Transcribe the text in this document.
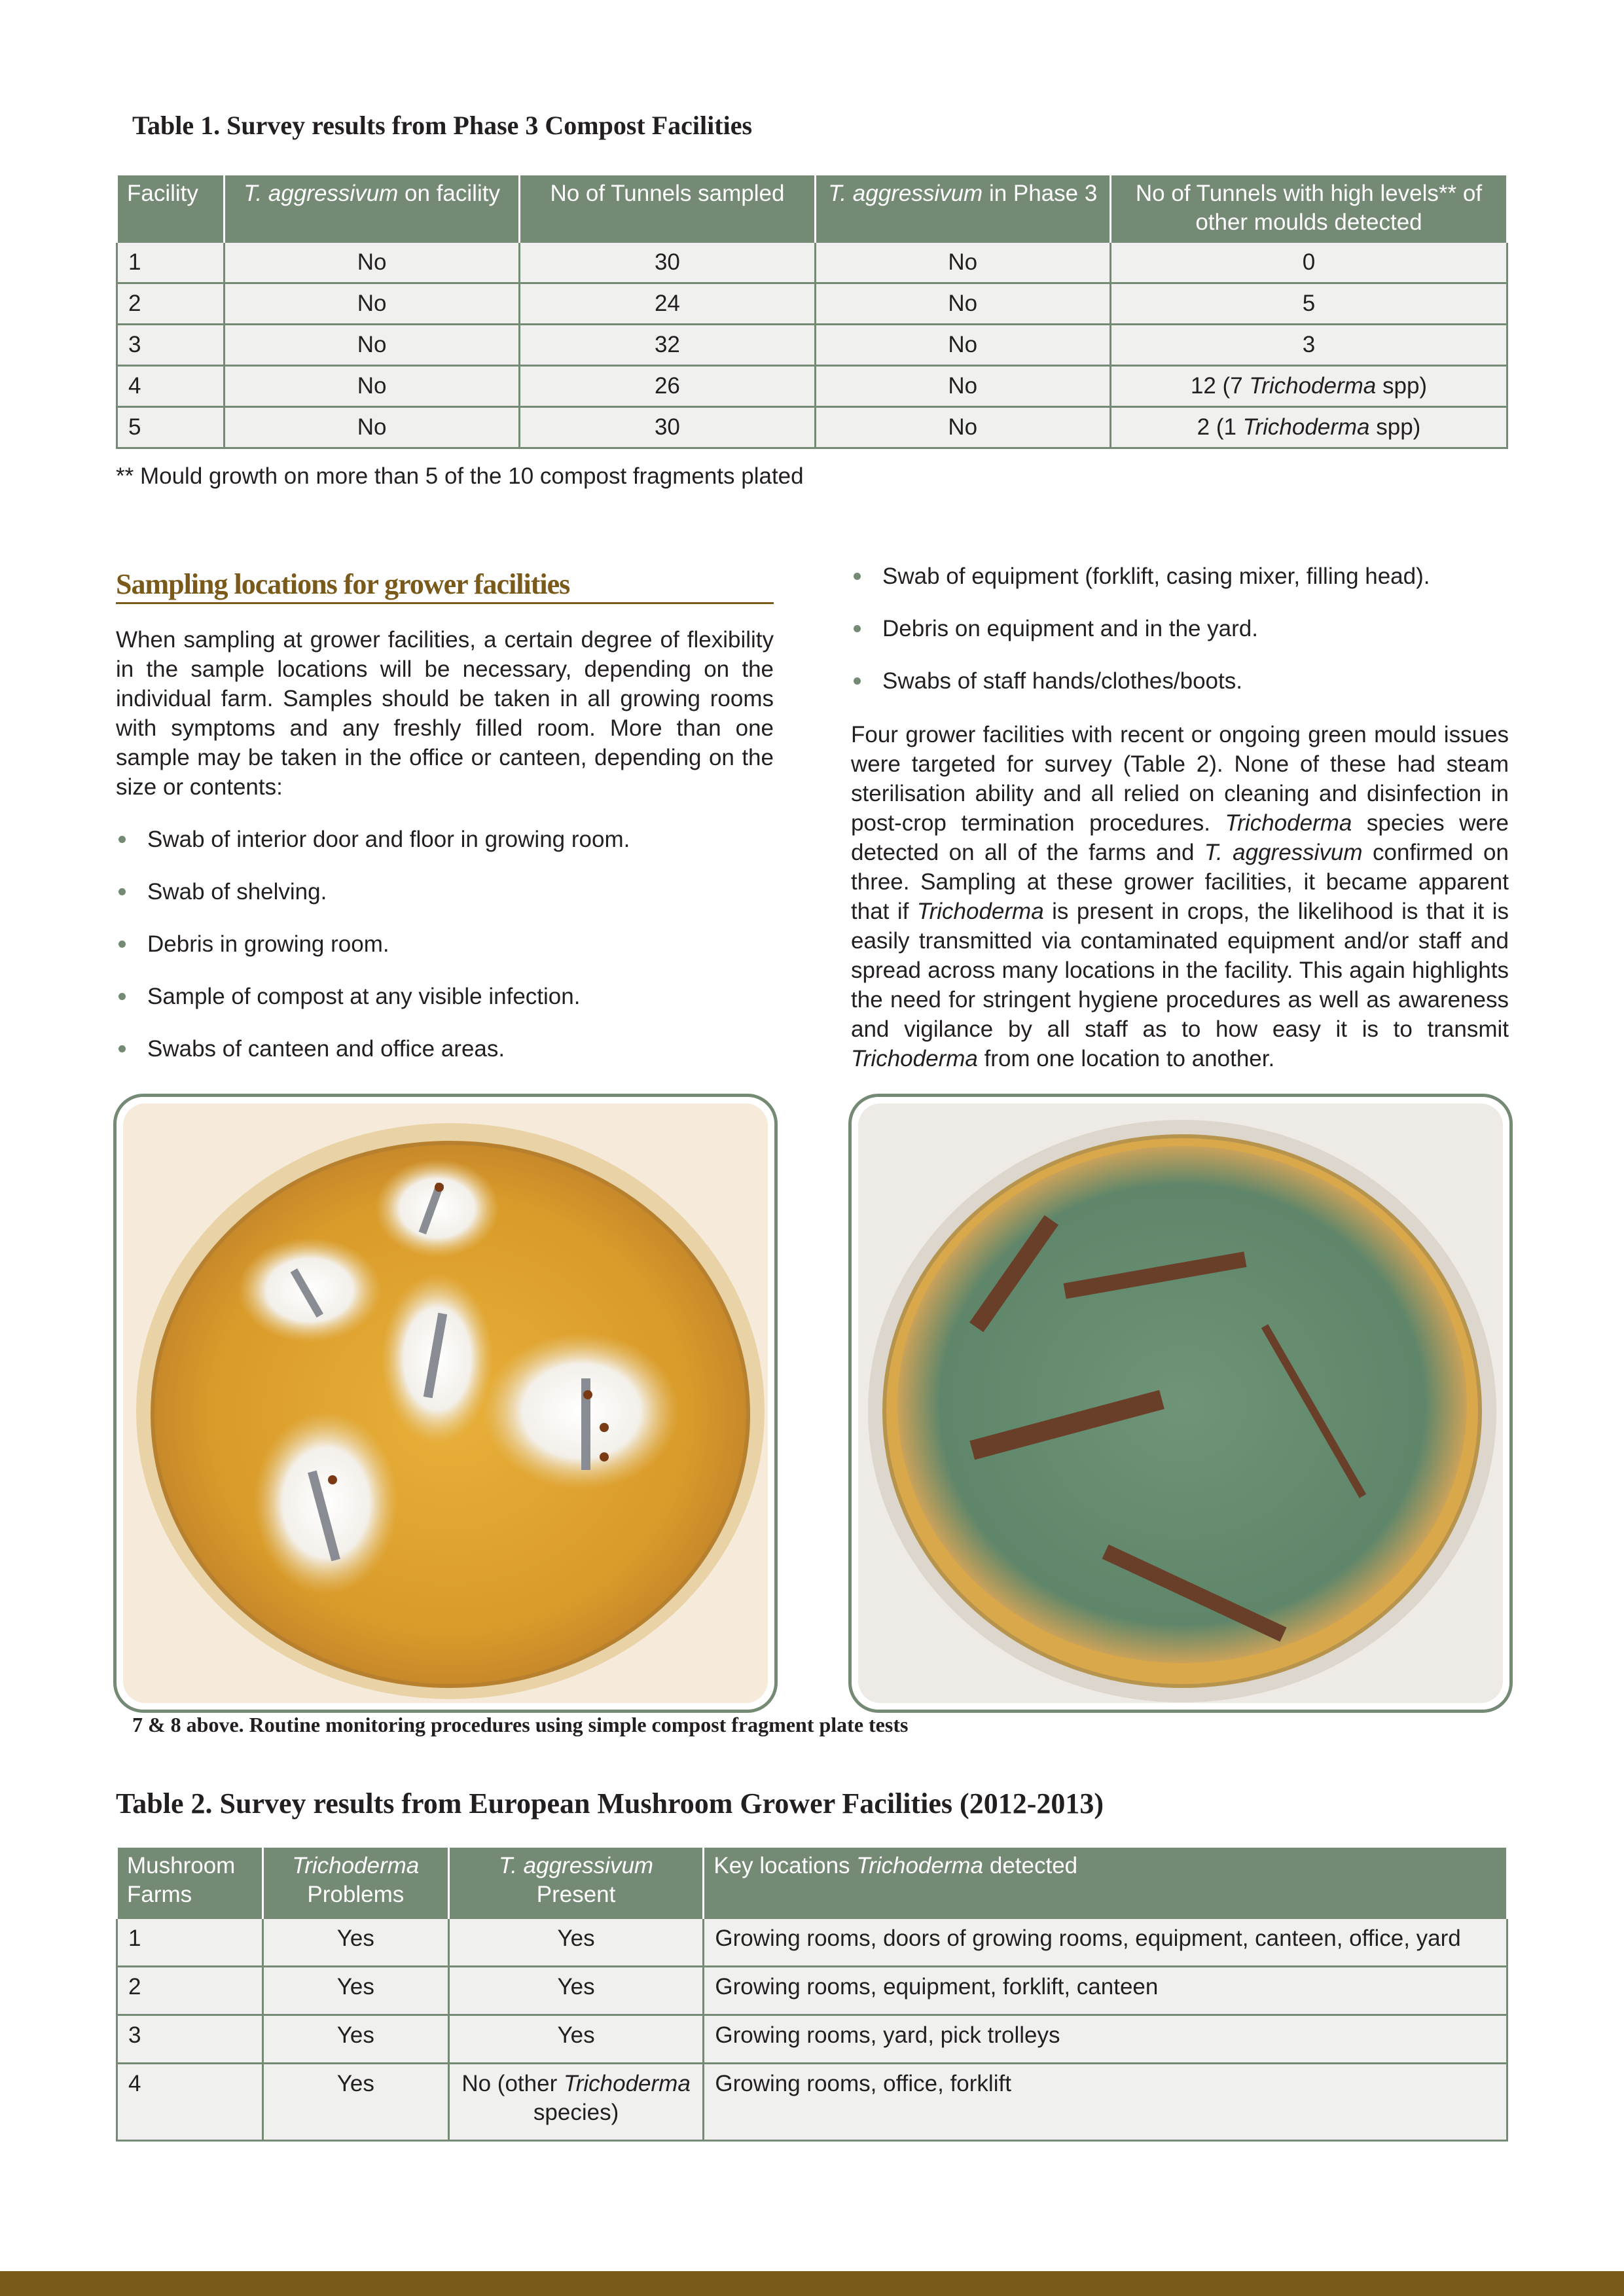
Table 1. Survey results from Phase 3 Compost Facilities
Facility	T. aggressivum on facility	No of Tunnels sampled	T. aggressivum in Phase 3	No of Tunnels with high levels** of other moulds detected
1	No	30	No	0
2	No	24	No	5
3	No	32	No	3
4	No	26	No	12 (7 Trichoderma spp)
5	No	30	No	2 (1 Trichoderma spp)
** Mould growth on more than 5 of the 10 compost fragments plated
Sampling locations for grower facilities

When sampling at grower facilities, a certain degree of flexibility in the sample locations will be necessary, depending on the individual farm. Samples should be taken in all growing rooms with symptoms and any freshly filled room. More than one sample may be taken in the office or canteen, depending on the size or contents:

Swab of interior door and floor in growing room.
Swab of shelving.
Debris in growing room.
Sample of compost at any visible infection.
Swabs of canteen and office areas.
Swab of equipment (forklift, casing mixer, filling head).
Debris on equipment and in the yard.
Swabs of staff hands/clothes/boots.

Four grower facilities with recent or ongoing green mould issues were targeted for survey (Table 2). None of these had steam sterilisation ability and all relied on cleaning and disinfection in post-crop termination procedures. Trichoderma species were detected on all of the farms and T. aggressivum confirmed on three. Sampling at these grower facilities, it became apparent that if Trichoderma is present in crops, the likelihood is that it is easily transmitted via contaminated equipment and/or staff and spread across many locations in the facility. This again highlights the need for stringent hygiene procedures as well as awareness and vigilance by all staff as to how easy it is to transmit Trichoderma from one location to another.

7 & 8 above. Routine monitoring procedures using simple compost fragment plate tests
Table 2. Survey results from European Mushroom Grower Facilities (2012-2013)
Mushroom Farms	Trichoderma Problems	T. aggressivum Present	Key locations Trichoderma detected
1	Yes	Yes	Growing rooms, doors of growing rooms, equipment, canteen, office, yard
2	Yes	Yes	Growing rooms, equipment, forklift, canteen
3	Yes	Yes	Growing rooms, yard, pick trolleys
4	Yes	No (other Trichoderma species)	Growing rooms, office, forklift
